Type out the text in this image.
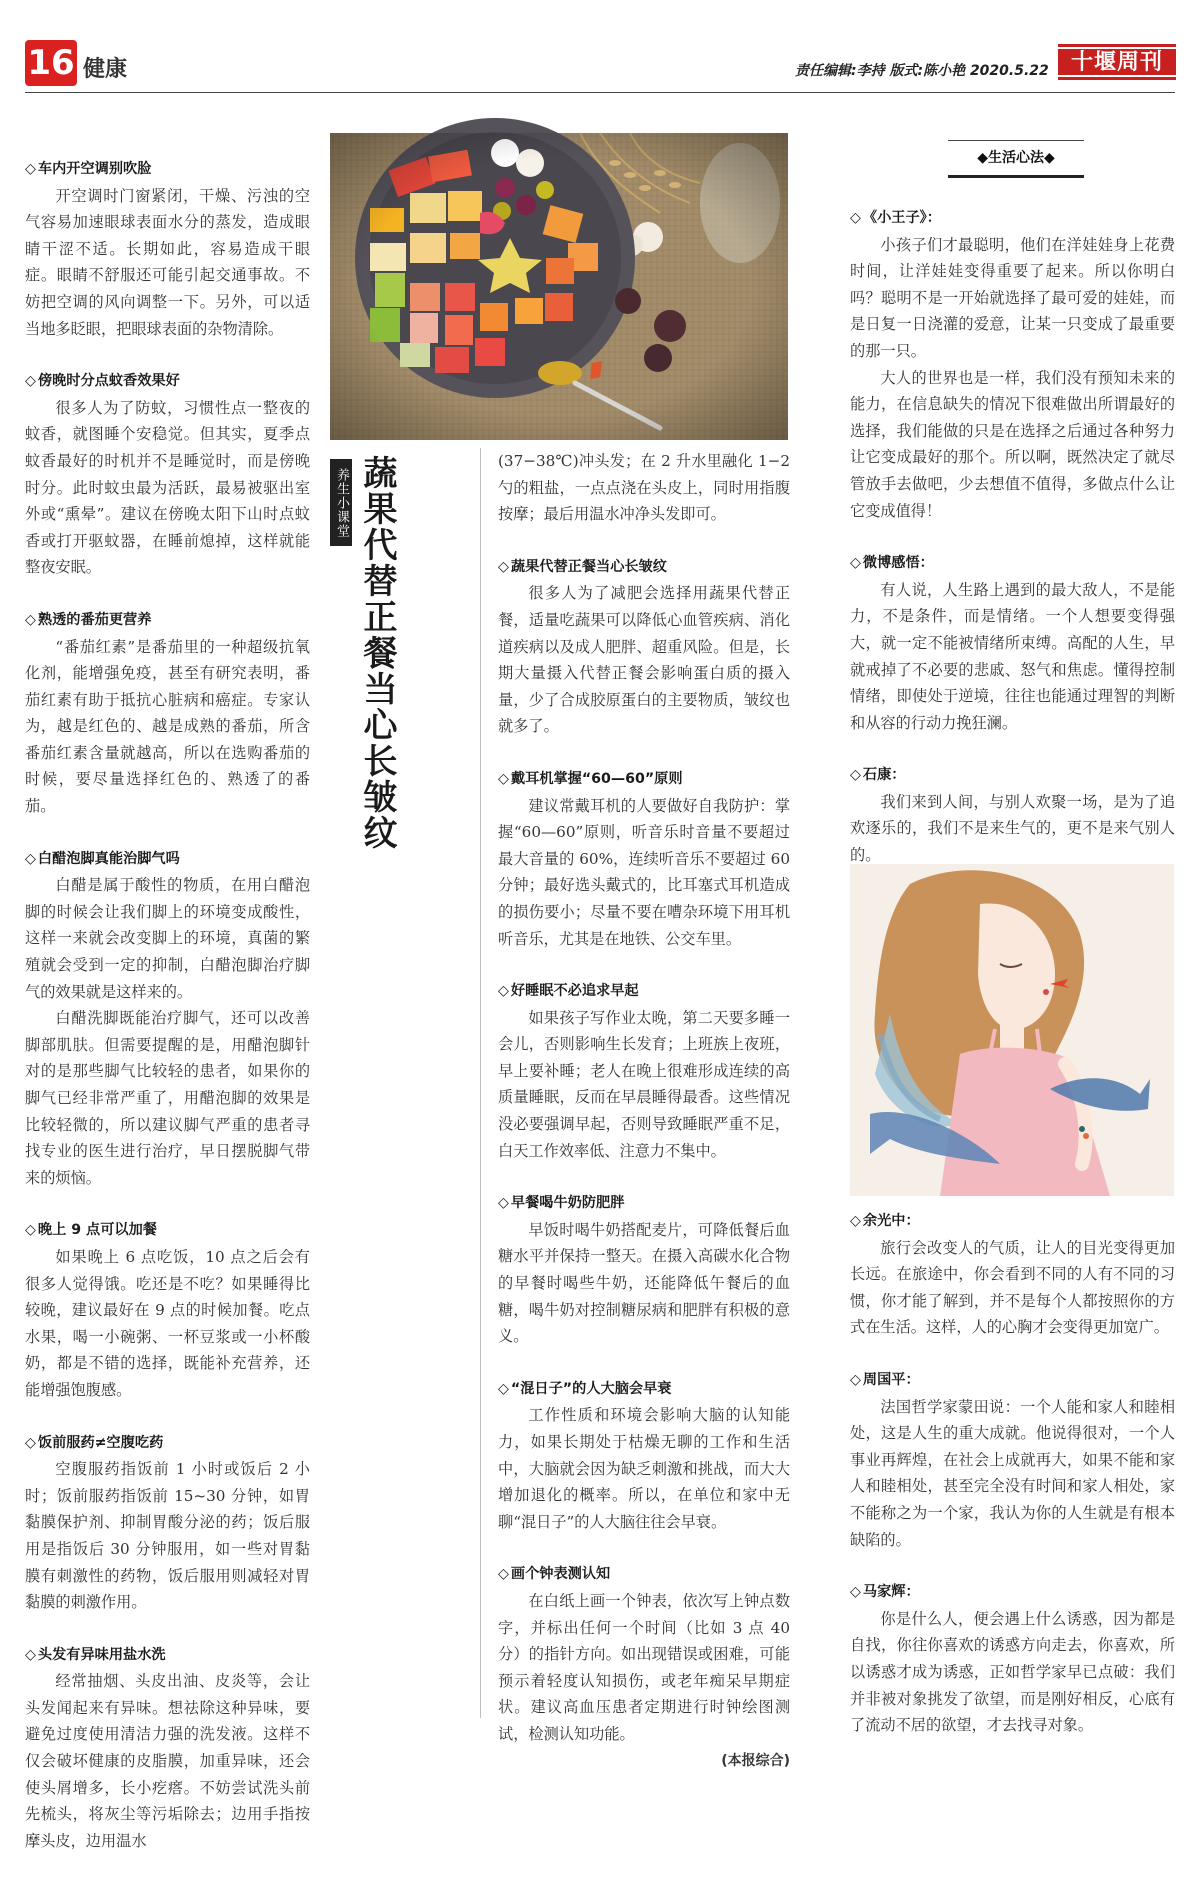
16 健康	责任编辑:李持 版式:陈小艳 2020.5.22	十堰周刊
◇ 车内开空调别吹脸
开空调时门窗紧闭，干燥、污浊的空气容易加速眼球表面水分的蒸发，造成眼睛干涩不适。长期如此，容易造成干眼症。眼睛不舒服还可能引起交通事故。不妨把空调的风向调整一下。另外，可以适当地多眨眼，把眼球表面的杂物清除。
◇ 傍晚时分点蚊香效果好
很多人为了防蚊，习惯性点一整夜的蚊香，就图睡个安稳觉。但其实，夏季点蚊香最好的时机并不是睡觉时，而是傍晚时分。此时蚊虫最为活跃，最易被驱出室外或“熏晕”。建议在傍晚太阳下山时点蚊香或打开驱蚊器，在睡前熄掉，这样就能整夜安眠。
◇ 熟透的番茄更营养
“番茄红素”是番茄里的一种超级抗氧化剂，能增强免疫，甚至有研究表明，番茄红素有助于抵抗心脏病和癌症。专家认为，越是红色的、越是成熟的番茄，所含番茄红素含量就越高，所以在选购番茄的时候，要尽量选择红色的、熟透了的番茄。
◇ 白醋泡脚真能治脚气吗
白醋是属于酸性的物质，在用白醋泡脚的时候会让我们脚上的环境变成酸性，这样一来就会改变脚上的环境，真菌的繁殖就会受到一定的抑制，白醋泡脚治疗脚气的效果就是这样来的。
白醋洗脚既能治疗脚气，还可以改善脚部肌肤。但需要提醒的是，用醋泡脚针对的是那些脚气比较轻的患者，如果你的脚气已经非常严重了，用醋泡脚的效果是比较轻微的，所以建议脚气严重的患者寻找专业的医生进行治疗，早日摆脱脚气带来的烦恼。
◇ 晚上 9 点可以加餐
如果晚上 6 点吃饭，10 点之后会有很多人觉得饿。吃还是不吃？如果睡得比较晚，建议最好在 9 点的时候加餐。吃点水果，喝一小碗粥、一杯豆浆或一小杯酸奶，都是不错的选择，既能补充营养，还能增强饱腹感。
◇ 饭前服药≠空腹吃药
空腹服药指饭前 1 小时或饭后 2 小时；饭前服药指饭前 15~30 分钟，如胃黏膜保护剂、抑制胃酸分泌的药；饭后服用是指饭后 30 分钟服用，如一些对胃黏膜有刺激性的药物，饭后服用则减轻对胃黏膜的刺激作用。
◇ 头发有异味用盐水洗
经常抽烟、头皮出油、皮炎等，会让头发闻起来有异味。想祛除这种异味，要避免过度使用清洁力强的洗发液。这样不仅会破坏健康的皮脂膜，加重异味，还会使头屑增多，长小疙瘩。不妨尝试洗头前先梳头，将灰尘等污垢除去；边用手指按摩头皮，边用温水
养生小课堂 蔬果代替正餐当心长皱纹	(37−38℃)冲头发；在 2 升水里融化 1−2 勺的粗盐，一点点浇在头皮上，同时用指腹按摩；最后用温水冲净头发即可。
◇ 蔬果代替正餐当心长皱纹
很多人为了减肥会选择用蔬果代替正餐，适量吃蔬果可以降低心血管疾病、消化道疾病以及成人肥胖、超重风险。但是，长期大量摄入代替正餐会影响蛋白质的摄入量，少了合成胶原蛋白的主要物质，皱纹也就多了。
◇ 戴耳机掌握“60—60”原则
建议常戴耳机的人要做好自我防护：掌握“60—60”原则，听音乐时音量不要超过最大音量的 60%，连续听音乐不要超过 60 分钟；最好选头戴式的，比耳塞式耳机造成的损伤要小；尽量不要在嘈杂环境下用耳机听音乐，尤其是在地铁、公交车里。
◇ 好睡眠不必追求早起
如果孩子写作业太晚，第二天要多睡一会儿，否则影响生长发育；上班族上夜班，早上要补睡；老人在晚上很难形成连续的高质量睡眠，反而在早晨睡得最香。这些情况没必要强调早起，否则导致睡眠严重不足，白天工作效率低、注意力不集中。
◇ 早餐喝牛奶防肥胖
早饭时喝牛奶搭配麦片，可降低餐后血糖水平并保持一整天。在摄入高碳水化合物的早餐时喝些牛奶，还能降低午餐后的血糖，喝牛奶对控制糖尿病和肥胖有积极的意义。
◇ “混日子”的人大脑会早衰
工作性质和环境会影响大脑的认知能力，如果长期处于枯燥无聊的工作和生活中，大脑就会因为缺乏刺激和挑战，而大大增加退化的概率。所以，在单位和家中无聊“混日子”的人大脑往往会早衰。
◇ 画个钟表测认知
在白纸上画一个钟表，依次写上钟点数字，并标出任何一个时间（比如 3 点 40 分）的指针方向。如出现错误或困难，可能预示着轻度认知损伤，或老年痴呆早期症状。建议高血压患者定期进行时钟绘图测试，检测认知功能。
(本报综合)
◆生活心法◆
◇ 《小王子》：
小孩子们才最聪明，他们在洋娃娃身上花费时间，让洋娃娃变得重要了起来。所以你明白吗？聪明不是一开始就选择了最可爱的娃娃，而是日复一日浇灌的爱意，让某一只变成了最重要的那一只。
大人的世界也是一样，我们没有预知未来的能力，在信息缺失的情况下很难做出所谓最好的选择，我们能做的只是在选择之后通过各种努力让它变成最好的那个。所以啊，既然决定了就尽管放手去做吧，少去想值不值得，多做点什么让它变成值得！
◇ 微博感悟：
有人说，人生路上遇到的最大敌人，不是能力，不是条件，而是情绪。一个人想要变得强大，就一定不能被情绪所束缚。高配的人生，早就戒掉了不必要的悲戚、怒气和焦虑。懂得控制情绪，即使处于逆境，往往也能通过理智的判断和从容的行动力挽狂澜。
◇ 石康：
我们来到人间，与别人欢聚一场，是为了追欢逐乐的，我们不是来生气的，更不是来气别人的。
◇ 余光中：
旅行会改变人的气质，让人的目光变得更加长远。在旅途中，你会看到不同的人有不同的习惯，你才能了解到，并不是每个人都按照你的方式在生活。这样，人的心胸才会变得更加宽广。
◇ 周国平：
法国哲学家蒙田说：一个人能和家人和睦相处，这是人生的重大成就。他说得很对，一个人事业再辉煌，在社会上成就再大，如果不能和家人和睦相处，甚至完全没有时间和家人相处，家不能称之为一个家，我认为你的人生就是有根本缺陷的。
◇ 马家辉：
你是什么人，便会遇上什么诱惑，因为都是自找，你往你喜欢的诱惑方向走去，你喜欢，所以诱惑才成为诱惑，正如哲学家早已点破：我们并非被对象挑发了欲望，而是刚好相反，心底有了流动不居的欲望，才去找寻对象。
